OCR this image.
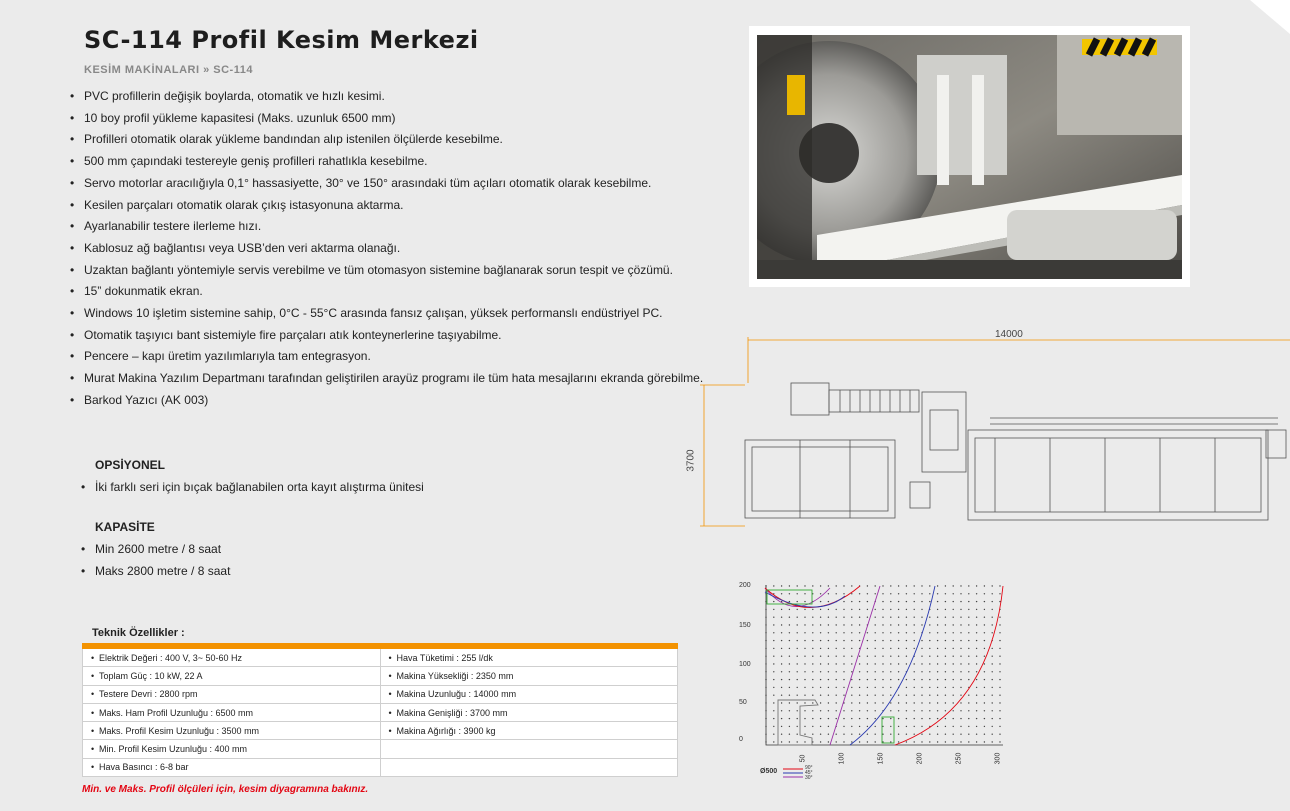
SC-114 Profil Kesim Merkezi
KESİM MAKİNALARI » SC-114
• PVC profillerin değişik boylarda, otomatik ve hızlı kesimi.
• 10 boy profil yükleme kapasitesi (Maks. uzunluk 6500 mm)
• Profilleri otomatik olarak yükleme bandından alıp istenilen ölçülerde kesebilme.
• 500 mm çapındaki testereyle geniş profilleri rahatlıkla kesebilme.
• Servo motorlar aracılığıyla 0,1° hassasiyette, 30° ve 150° arasındaki tüm açıları otomatik olarak kesebilme.
• Kesilen parçaları otomatik olarak çıkış istasyonuna aktarma.
• Ayarlanabilir testere ilerleme hızı.
• Kablosuz ağ bağlantısı veya USB’den veri aktarma olanağı.
• Uzaktan bağlantı yöntemiyle servis verebilme ve tüm otomasyon sistemine bağlanarak sorun tespit ve çözümü.
• 15” dokunmatik ekran.
• Windows 10 işletim sistemine sahip, 0°C - 55°C arasında fansız çalışan, yüksek performanslı endüstriyel PC.
• Otomatik taşıyıcı bant sistemiyle fire parçaları atık konteynerlerine taşıyabilme.
• Pencere – kapı üretim yazılımlarıyla tam entegrasyon.
• Murat Makina Yazılım Departmanı tarafından geliştirilen arayüz programı ile tüm hata mesajlarını ekranda görebilme.
• Barkod Yazıcı (AK 003)
OPSİYONEL
• İki farklı seri için bıçak bağlanabilen orta kayıt alıştırma ünitesi
KAPASİTE
• Min 2600 metre / 8 saat
• Maks 2800 metre / 8 saat
Teknik Özellikler :
• Elektrik Değeri : 400 V, 3~ 50-60 Hz	• Hava Tüketimi : 255 l/dk
• Toplam Güç : 10 kW, 22 A	• Makina Yüksekliği : 2350 mm
• Testere Devri : 2800 rpm	• Makina Uzunluğu : 14000 mm
• Maks. Ham Profil Uzunluğu : 6500 mm	• Makina Genişliği : 3700 mm
• Maks. Profil Kesim Uzunluğu : 3500 mm	• Makina Ağırlığı : 3900 kg
• Min. Profil Kesim Uzunluğu : 400 mm	
• Hava Basıncı : 6-8 bar	
Min. ve Maks. Profil ölçüleri için, kesim diyagramına bakınız.
14000
3700
200
150
100
50
0
50	100	150	200	250	300
Ø500	90°
45°
30°
